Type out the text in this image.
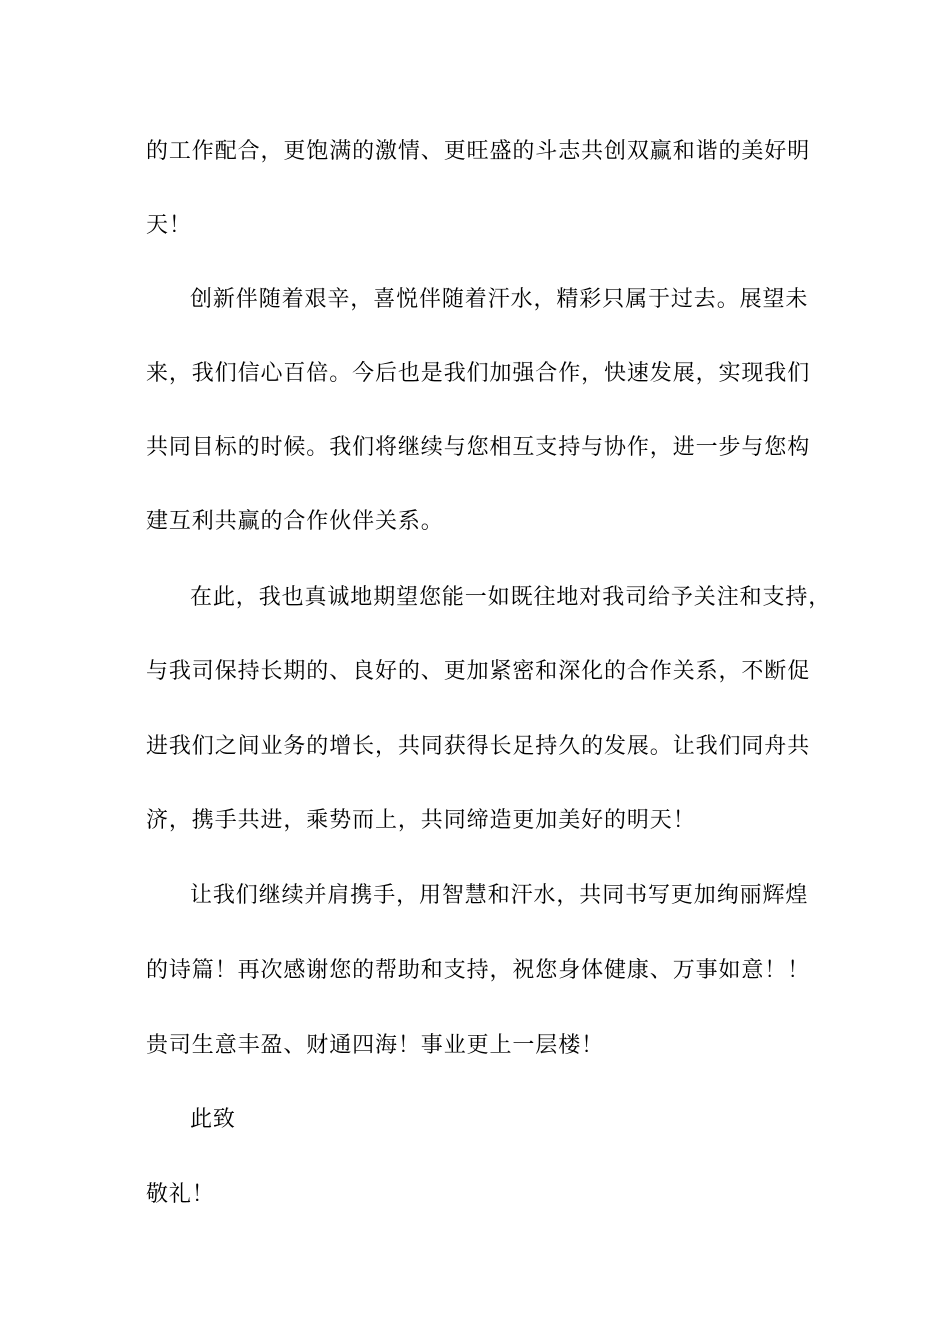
的工作配合，更饱满的激情、更旺盛的斗志共创双赢和谐的美好明
天！
创新伴随着艰辛，喜悦伴随着汗水，精彩只属于过去。展望未
来，我们信心百倍。今后也是我们加强合作，快速发展，实现我们
共同目标的时候。我们将继续与您相互支持与协作，进一步与您构
建互利共赢的合作伙伴关系。
在此，我也真诚地期望您能一如既往地对我司给予关注和支持，
与我司保持长期的、良好的、更加紧密和深化的合作关系，不断促
进我们之间业务的增长，共同获得长足持久的发展。让我们同舟共
济，携手共进，乘势而上，共同缔造更加美好的明天！
让我们继续并肩携手，用智慧和汗水，共同书写更加绚丽辉煌
的诗篇！再次感谢您的帮助和支持，祝您身体健康、万事如意！！
贵司生意丰盈、财通四海！事业更上一层楼！
此致
敬礼！
